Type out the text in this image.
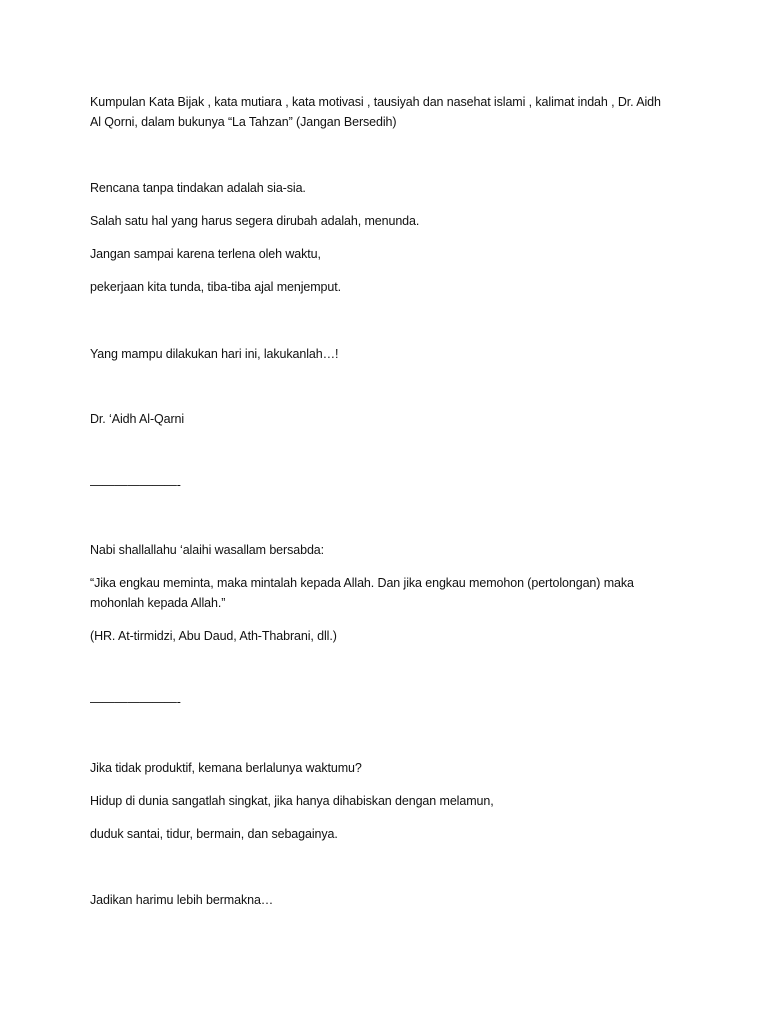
Kumpulan Kata Bijak , kata mutiara , kata motivasi , tausiyah dan nasehat islami , kalimat indah , Dr. Aidh
Al Qorni, dalam bukunya “La Tahzan” (Jangan Bersedih)
Rencana tanpa tindakan adalah sia-sia.
Salah satu hal yang harus segera dirubah adalah, menunda.
Jangan sampai karena terlena oleh waktu,
pekerjaan kita tunda, tiba-tiba ajal menjemput.
Yang mampu dilakukan hari ini, lakukanlah…!
Dr. ‘Aidh Al-Qarni
———————-
Nabi shallallahu ‘alaihi wasallam bersabda:
“Jika engkau meminta, maka mintalah kepada Allah. Dan jika engkau memohon (pertolongan) maka
mohonlah kepada Allah.”
(HR. At-tirmidzi, Abu Daud, Ath-Thabrani, dll.)
———————-
Jika tidak produktif, kemana berlalunya waktumu?
Hidup di dunia sangatlah singkat, jika hanya dihabiskan dengan melamun,
duduk santai, tidur, bermain, dan sebagainya.
Jadikan harimu lebih bermakna…
